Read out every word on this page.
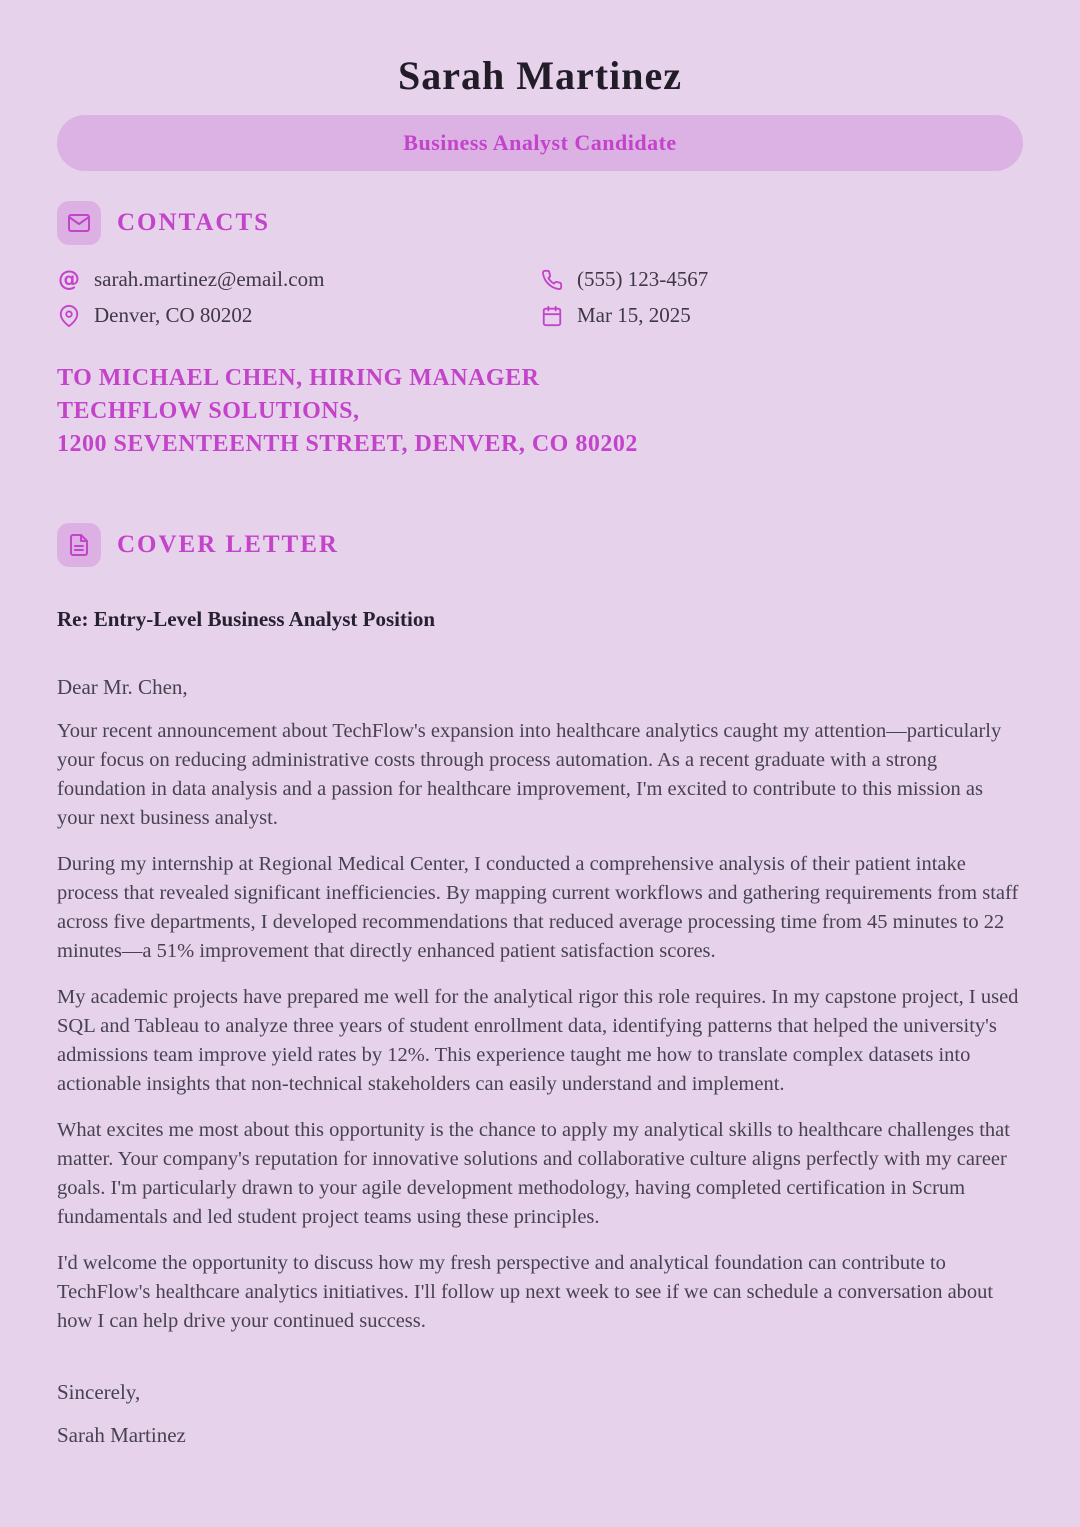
Sarah Martinez
Business Analyst Candidate
CONTACTS
@ sarah.martinez@email.com	(555) 123-4567
Denver, CO 80202	Mar 15, 2025
TO MICHAEL CHEN, HIRING MANAGER
TECHFLOW SOLUTIONS,
1200 SEVENTEENTH STREET, DENVER, CO 80202
COVER LETTER

Re: Entry-Level Business Analyst Position

Dear Mr. Chen,

Your recent announcement about TechFlow's expansion into healthcare analytics caught my attention—particularly your focus on reducing administrative costs through process automation. As a recent graduate with a strong foundation in data analysis and a passion for healthcare improvement, I'm excited to contribute to this mission as your next business analyst.

During my internship at Regional Medical Center, I conducted a comprehensive analysis of their patient intake process that revealed significant inefficiencies. By mapping current workflows and gathering requirements from staff across five departments, I developed recommendations that reduced average processing time from 45 minutes to 22 minutes—a 51% improvement that directly enhanced patient satisfaction scores.

My academic projects have prepared me well for the analytical rigor this role requires. In my capstone project, I used SQL and Tableau to analyze three years of student enrollment data, identifying patterns that helped the university's admissions team improve yield rates by 12%. This experience taught me how to translate complex datasets into actionable insights that non-technical stakeholders can easily understand and implement.

What excites me most about this opportunity is the chance to apply my analytical skills to healthcare challenges that matter. Your company's reputation for innovative solutions and collaborative culture aligns perfectly with my career goals. I'm particularly drawn to your agile development methodology, having completed certification in Scrum fundamentals and led student project teams using these principles.

I'd welcome the opportunity to discuss how my fresh perspective and analytical foundation can contribute to TechFlow's healthcare analytics initiatives. I'll follow up next week to see if we can schedule a conversation about how I can help drive your continued success.

Sincerely,

Sarah Martinez
